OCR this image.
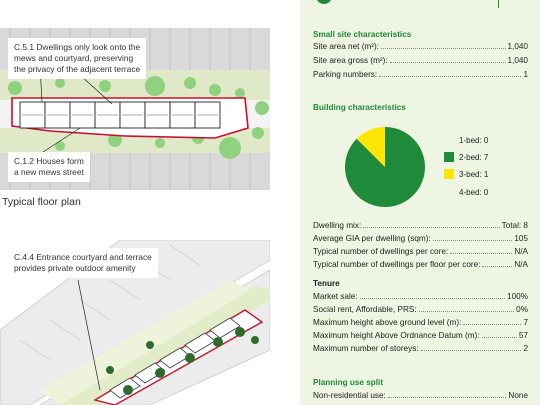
C.5.1 Dwellings only look onto the
mews and courtyard, preserving
the privacy of the adjacent terrace
C.1.2 Houses form
a new mews street
Typical floor plan
C.4.4 Entrance courtyard and terrace
provides private outdoor amenity
Small site characteristics
Site area net (m²):	1,040
Site area gross (m²):	1,040
Parking numbers:	1
Building characteristics
1-bed: 0
2-bed: 7
3-bed: 1
4-bed: 0
Dwelling mix:	Total: 8
Average GIA per dwelling (sqm):	105
Typical number of dwellings per core:	N/A
Typical number of dwellings per floor per core:	N/A
Tenure
Market sale:	100%
Social rent, Affordable, PRS:	0%
Maximum height above ground level (m):	7
Maximum height Above Ordnance Datum (m):	57
Maximum number of storeys:	2
Planning use split
Non-residential use:	None
